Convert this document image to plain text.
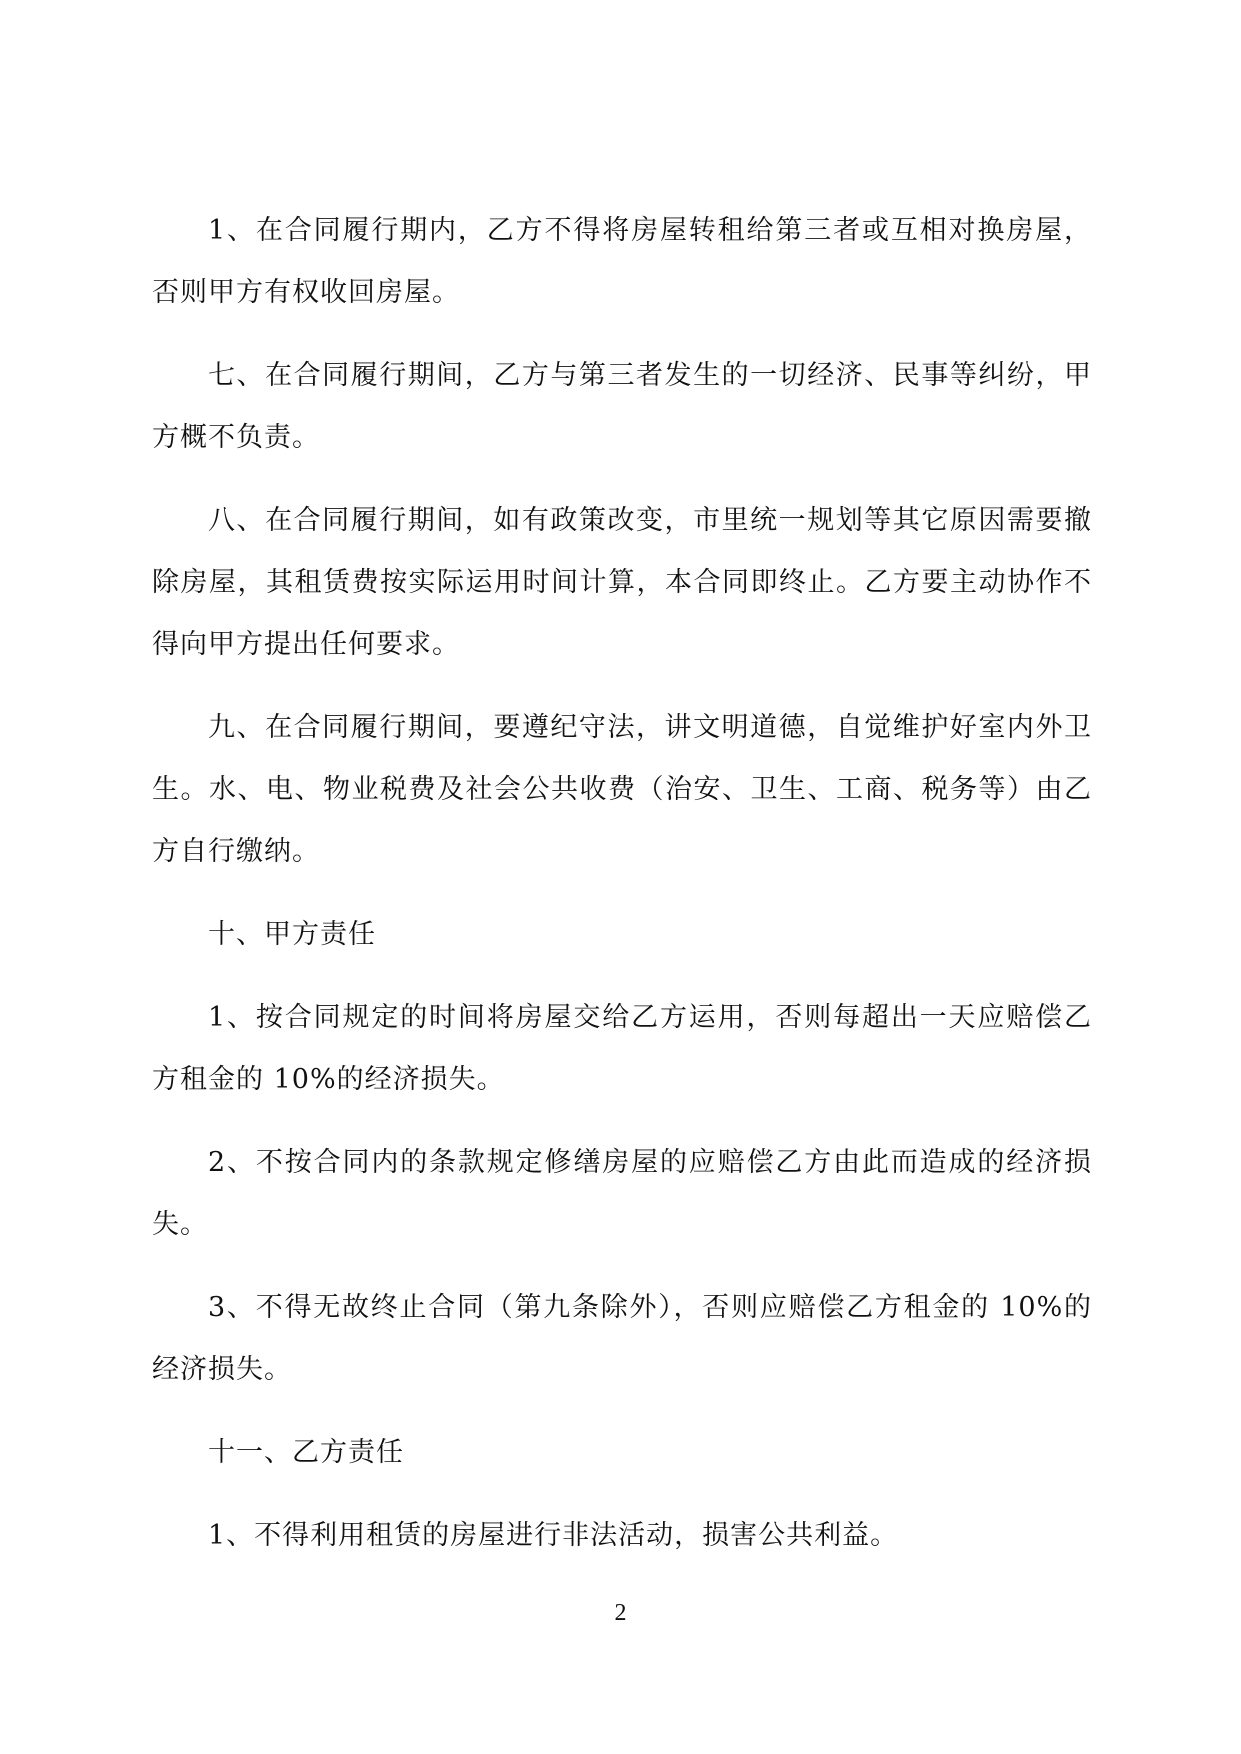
1、在合同履行期内，乙方不得将房屋转租给第三者或互相对换房屋，否则甲方有权收回房屋。

七、在合同履行期间，乙方与第三者发生的一切经济、民事等纠纷，甲方概不负责。

八、在合同履行期间，如有政策改变，市里统一规划等其它原因需要撤除房屋，其租赁费按实际运用时间计算，本合同即终止。乙方要主动协作不得向甲方提出任何要求。

九、在合同履行期间，要遵纪守法，讲文明道德，自觉维护好室内外卫生。水、电、物业税费及社会公共收费（治安、卫生、工商、税务等）由乙方自行缴纳。

十、甲方责任

1、按合同规定的时间将房屋交给乙方运用，否则每超出一天应赔偿乙方租金的 10%的经济损失。

2、不按合同内的条款规定修缮房屋的应赔偿乙方由此而造成的经济损失。

3、不得无故终止合同（第九条除外），否则应赔偿乙方租金的 10%的经济损失。

十一、乙方责任

1、不得利用租赁的房屋进行非法活动，损害公共利益。

2
